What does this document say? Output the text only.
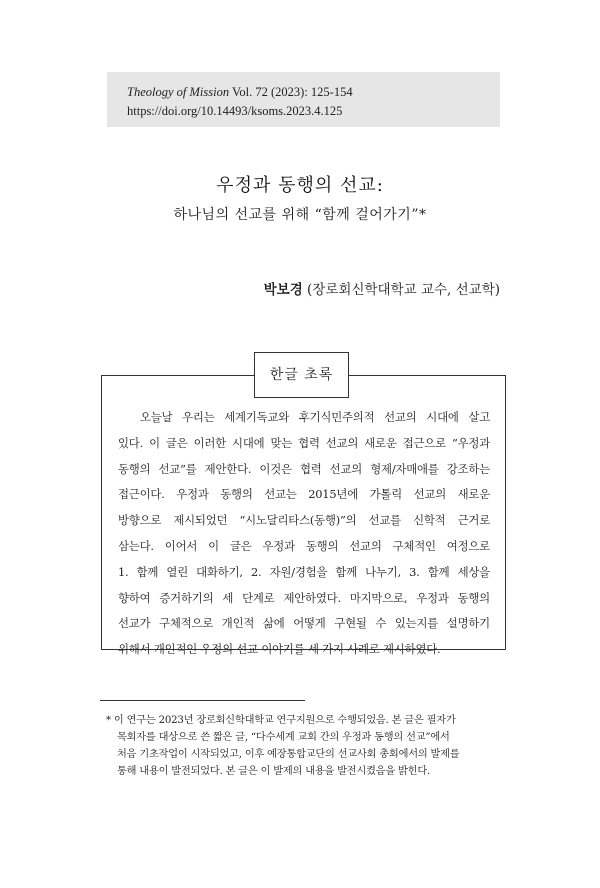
Theology of Mission Vol. 72 (2023): 125-154
https://doi.org/10.14493/ksoms.2023.4.125
우정과 동행의 선교:
하나님의 선교를 위해 “함께 걸어가기”*
박보경 (장로회신학대학교 교수, 선교학)
한글 초록
오늘날 우리는 세계기독교와 후기식민주의적 선교의 시대에 살고
있다. 이 글은 이러한 시대에 맞는 협력 선교의 새로운 접근으로 “우정과
동행의 선교”를 제안한다. 이것은 협력 선교의 형제/자매애를 강조하는
접근이다. 우정과 동행의 선교는 2015년에 가톨릭 선교의 새로운
방향으로 제시되었던 “시노달리타스(동행)”의 선교를 신학적 근거로
삼는다. 이어서 이 글은 우정과 동행의 선교의 구체적인 여정으로
1. 함께 열린 대화하기, 2. 자원/경험을 함께 나누기, 3. 함께 세상을
향하여 증거하기의 세 단계로 제안하였다. 마지막으로, 우정과 동행의
선교가 구체적으로 개인적 삶에 어떻게 구현될 수 있는지를 설명하기
위해서 개인적인 우정의 선교 이야기를 세 가지 사례로 제시하였다.
* 이 연구는 2023년 장로회신학대학교 연구지원으로 수행되었음. 본 글은 필자가
목회자를 대상으로 쓴 짧은 글, “다수세계 교회 간의 우정과 동행의 선교”에서
처음 기초작업이 시작되었고, 이후 예장통합교단의 선교사회 총회에서의 발제를
통해 내용이 발전되었다. 본 글은 이 발제의 내용을 발전시켰음을 밝힌다.
